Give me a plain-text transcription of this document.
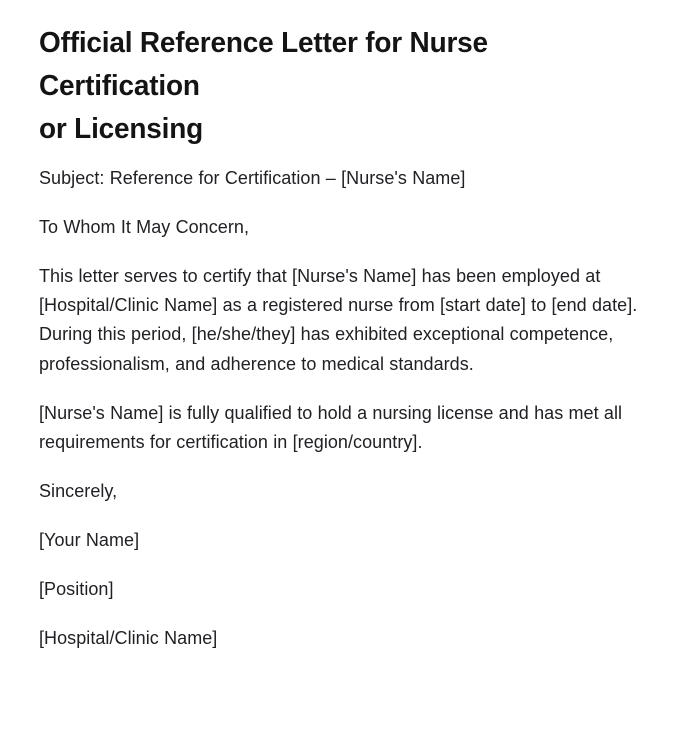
Official Reference Letter for Nurse Certification
or Licensing

Subject: Reference for Certification – [Nurse's Name]

To Whom It May Concern,

This letter serves to certify that [Nurse's Name] has been employed at [Hospital/Clinic Name] as a registered nurse from [start date] to [end date]. During this period, [he/she/they] has exhibited exceptional competence, professionalism, and adherence to medical standards.

[Nurse's Name] is fully qualified to hold a nursing license and has met all requirements for certification in [region/country].

Sincerely,

[Your Name]

[Position]

[Hospital/Clinic Name]
